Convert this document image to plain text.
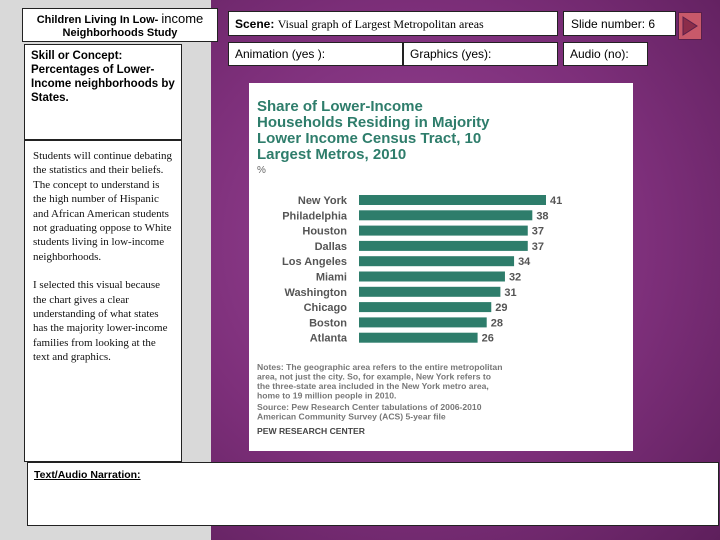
Children Living In Low- income
Neighborhoods Study
Skill or Concept: Percentages of Lower-Income neighborhoods by States.

Students will continue debating the statistics and their beliefs. The concept to understand is the high number of Hispanic and African American students not graduating oppose to White students living in low-income neighborhoods.

I selected this visual because the chart gives a clear understanding of what states has the majority lower-income families from looking at the text and graphics.

Text/Audio Narration:
Scene: Visual graph of Largest Metropolitan areas	Slide number: 6
Animation (yes ):	Graphics (yes):	Audio (no):
Share of Lower-Income
Households Residing in Majority
Lower Income Census Tract, 10
Largest Metros, 2010
%
New York	41
Philadelphia	38
Houston	37
Dallas	37
Los Angeles	34
Miami	32
Washington	31
Chicago	29
Boston	28
Atlanta	26
Notes: The geographic area refers to the entire metropolitan
area, not just the city. So, for example, New York refers to
the three-state area included in the New York metro area,
home to 19 million people in 2010.
Source: Pew Research Center tabulations of 2006-2010
American Community Survey (ACS) 5-year file
PEW RESEARCH CENTER
